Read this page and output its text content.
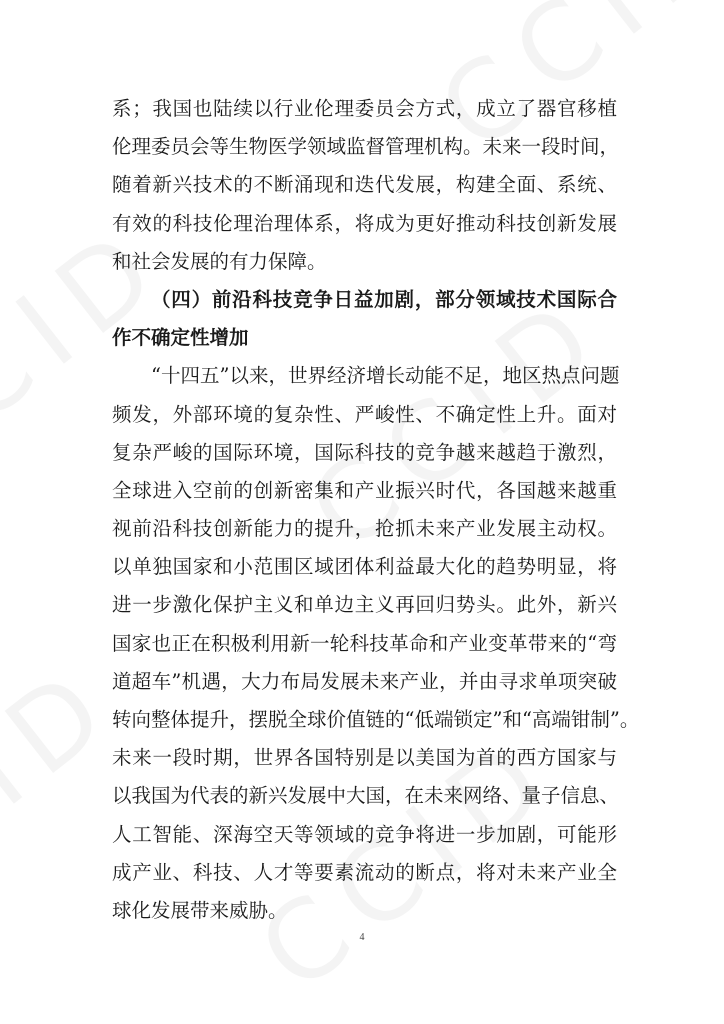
系；我国也陆续以行业伦理委员会方式，成立了器官移植
伦理委员会等生物医学领域监督管理机构。未来一段时间，
随着新兴技术的不断涌现和迭代发展，构建全面、系统、
有效的科技伦理治理体系，将成为更好推动科技创新发展
和社会发展的有力保障。
（四）前沿科技竞争日益加剧，部分领域技术国际合
作不确定性增加
“十四五”以来，世界经济增长动能不足，地区热点问题
频发，外部环境的复杂性、严峻性、不确定性上升。面对
复杂严峻的国际环境，国际科技的竞争越来越趋于激烈，
全球进入空前的创新密集和产业振兴时代，各国越来越重
视前沿科技创新能力的提升，抢抓未来产业发展主动权。
以单独国家和小范围区域团体利益最大化的趋势明显，将
进一步激化保护主义和单边主义再回归势头。此外，新兴
国家也正在积极利用新一轮科技革命和产业变革带来的“弯
道超车”机遇，大力布局发展未来产业，并由寻求单项突破
转向整体提升，摆脱全球价值链的“低端锁定”和“高端钳制”。
未来一段时期，世界各国特别是以美国为首的西方国家与
以我国为代表的新兴发展中大国，在未来网络、量子信息、
人工智能、深海空天等领域的竞争将进一步加剧，可能形
成产业、科技、人才等要素流动的断点，将对未来产业全
球化发展带来威胁。
4
